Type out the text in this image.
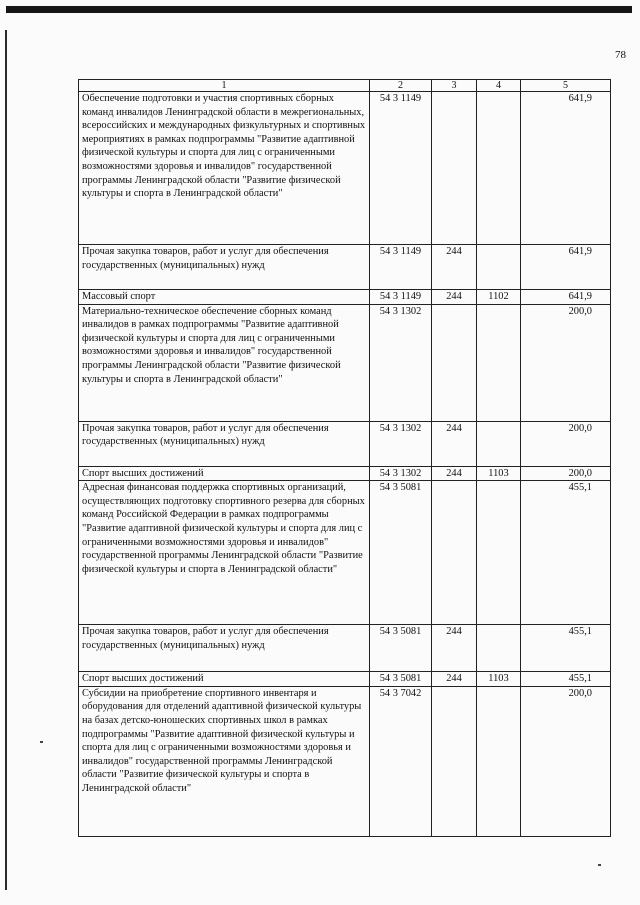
78
1	2	3	4	5
Обеспечение подготовки и участия спортивных сборных команд инвалидов Ленинградской области в межрегиональных, всероссийских и международных физкультурных и спортивных мероприятиях в рамках подпрограммы "Развитие адаптивной физической культуры и спорта для лиц с ограниченными возможностями здоровья и инвалидов" государственной программы Ленинградской области "Развитие физической культуры и спорта в Ленинградской области"	54 3 1149			641,9
Прочая закупка товаров, работ и услуг для обеспечения государственных (муниципальных) нужд	54 3 1149	244		641,9
Массовый спорт	54 3 1149	244	1102	641,9
Материально-техническое обеспечение сборных команд инвалидов в рамках подпрограммы "Развитие адаптивной физической культуры и спорта для лиц с ограниченными возможностями здоровья и инвалидов" государственной программы Ленинградской области "Развитие физической культуры и спорта в Ленинградской области"	54 3 1302			200,0
Прочая закупка товаров, работ и услуг для обеспечения государственных (муниципальных) нужд	54 3 1302	244		200,0
Спорт высших достижений	54 3 1302	244	1103	200,0
Адресная финансовая поддержка спортивных организаций, осуществляющих подготовку спортивного резерва для сборных команд Российской Федерации в рамках подпрограммы "Развитие адаптивной физической культуры и спорта для лиц с ограниченными возможностями здоровья и инвалидов" государственной программы Ленинградской области "Развитие физической культуры и спорта в Ленинградской области"	54 3 5081			455,1
Прочая закупка товаров, работ и услуг для обеспечения государственных (муниципальных) нужд	54 3 5081	244		455,1
Спорт высших достижений	54 3 5081	244	1103	455,1
Субсидии на приобретение спортивного инвентаря и оборудования для отделений адаптивной физической культуры на базах детско-юношеских спортивных школ в рамках подпрограммы "Развитие адаптивной физической культуры и спорта для лиц с ограниченными возможностями здоровья и инвалидов" государственной программы Ленинградской области "Развитие физической культуры и спорта в Ленинградской области"	54 3 7042			200,0
